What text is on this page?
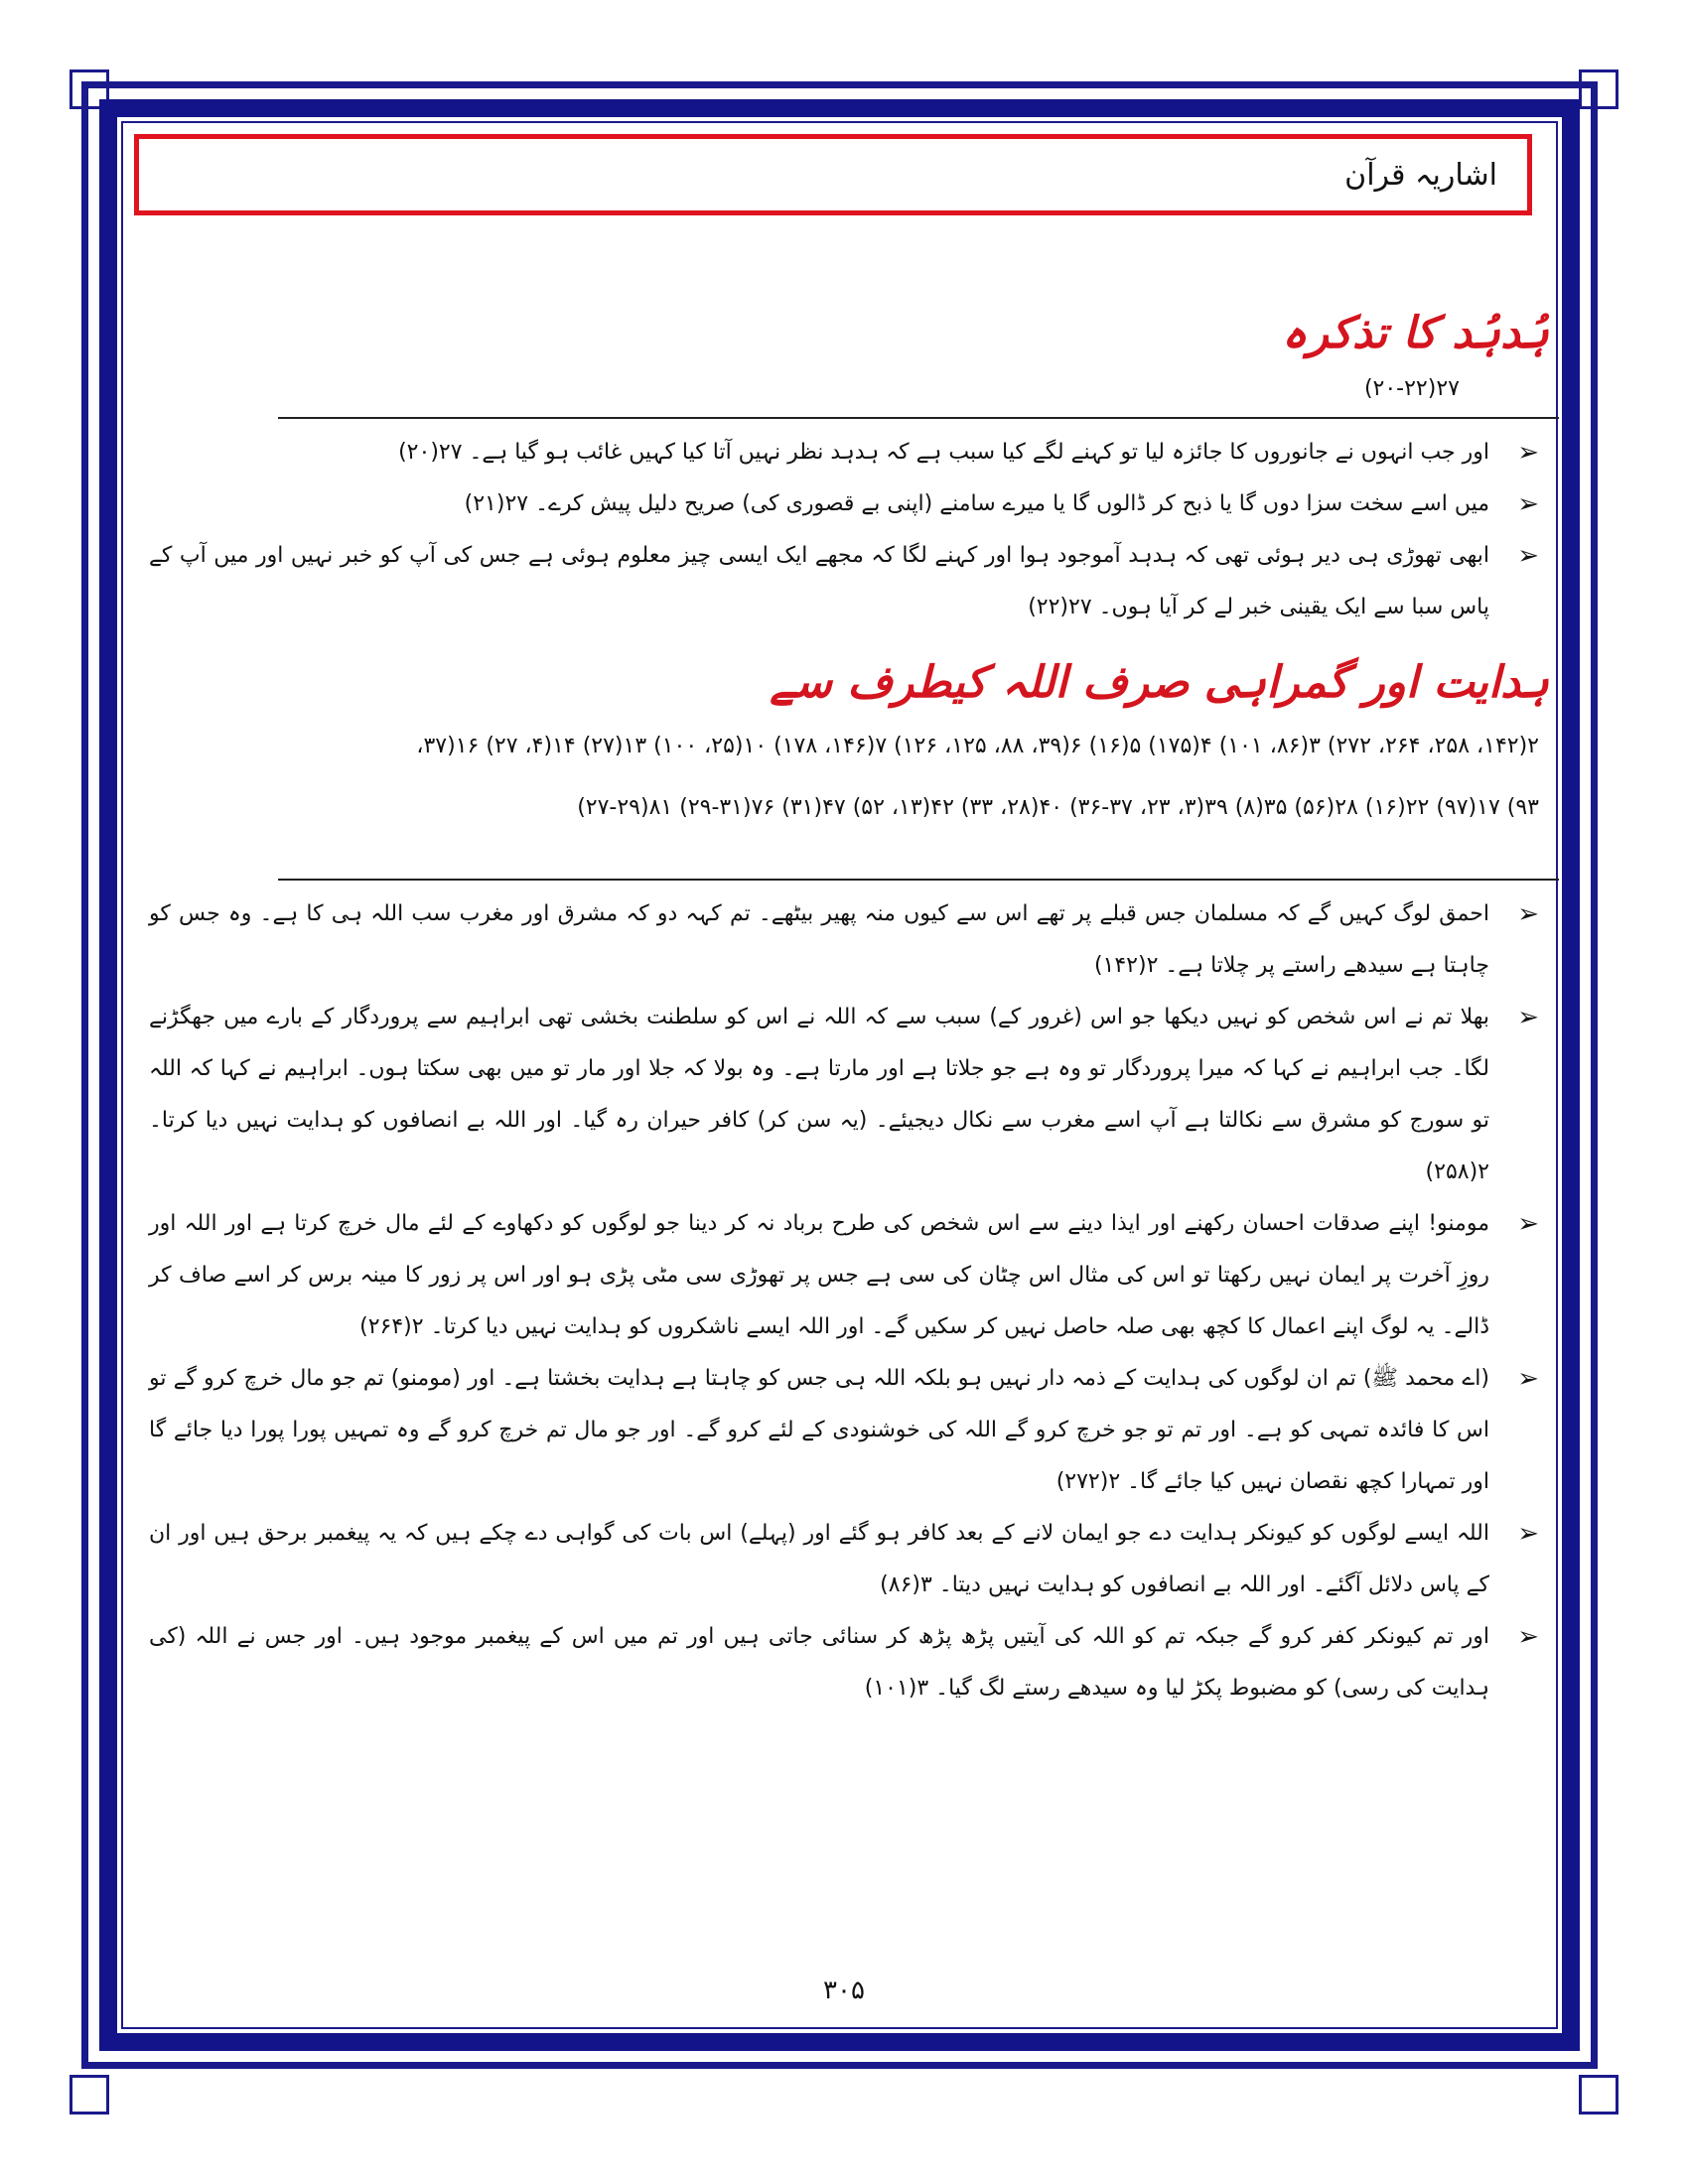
اشاریہ قرآن
ہُدہُد کا تذکرہ
۲۷(۲۰-۲۲)
➢
اور جب انہوں نے جانوروں کا جائزہ لیا تو کہنے لگے کیا سبب ہے کہ ہدہد نظر نہیں آتا کیا کہیں غائب ہو گیا ہے۔ ۲۷(۲۰)
➢
میں اسے سخت سزا دوں گا یا ذبح کر ڈالوں گا یا میرے سامنے (اپنی بے قصوری کی) صریح دلیل پیش کرے۔ ۲۷(۲۱)
➢
ابھی تھوڑی ہی دیر ہوئی تھی کہ ہدہد آموجود ہوا اور کہنے لگا کہ مجھے ایک ایسی چیز معلوم ہوئی ہے جس کی آپ کو خبر نہیں اور میں آپ کے پاس سبا سے ایک یقینی خبر لے کر آیا ہوں۔ ۲۷(۲۲)
ہدایت اور گمراہی صرف اللہ کیطرف سے
۲(۱۴۲، ۲۵۸، ۲۶۴، ۲۷۲) ۳(۸۶، ۱۰۱) ۴(۱۷۵) ۵(۱۶) ۶(۳۹، ۸۸، ۱۲۵، ۱۲۶) ۷(۱۴۶، ۱۷۸) ۱۰(۲۵، ۱۰۰) ۱۳(۲۷) ۱۴(۴، ۲۷) ۱۶(۳۷،
۹۳) ۱۷(۹۷) ۲۲(۱۶) ۲۸(۵۶) ۳۵(۸) ۳۹(۳، ۲۳، ۳۶-۳۷) ۴۰(۲۸، ۳۳) ۴۲(۱۳، ۵۲) ۴۷(۳۱) ۷۶(۲۹-۳۱) ۸۱(۲۷-۲۹)
➢
احمق لوگ کہیں گے کہ مسلمان جس قبلے پر تھے اس سے کیوں منہ پھیر بیٹھے۔ تم کہہ دو کہ مشرق اور مغرب سب اللہ ہی کا ہے۔ وہ جس کو چاہتا ہے سیدھے راستے پر چلاتا ہے۔ ۲(۱۴۲)
➢
بھلا تم نے اس شخص کو نہیں دیکھا جو اس (غرور کے) سبب سے کہ اللہ نے اس کو سلطنت بخشی تھی ابراہیم سے پروردگار کے بارے میں جھگڑنے لگا۔ جب ابراہیم نے کہا کہ میرا پروردگار تو وہ ہے جو جلاتا ہے اور مارتا ہے۔ وہ بولا کہ جلا اور مار تو میں بھی سکتا ہوں۔ ابراہیم نے کہا کہ اللہ تو سورج کو مشرق سے نکالتا ہے آپ اسے مغرب سے نکال دیجیئے۔ (یہ سن کر) کافر حیران رہ گیا۔ اور اللہ بے انصافوں کو ہدایت نہیں دیا کرتا۔ ۲(۲۵۸)
➢
مومنو! اپنے صدقات احسان رکھنے اور ایذا دینے سے اس شخص کی طرح برباد نہ کر دینا جو لوگوں کو دکھاوے کے لئے مال خرچ کرتا ہے اور اللہ اور روزِ آخرت پر ایمان نہیں رکھتا تو اس کی مثال اس چٹان کی سی ہے جس پر تھوڑی سی مٹی پڑی ہو اور اس پر زور کا مینہ برس کر اسے صاف کر ڈالے۔ یہ لوگ اپنے اعمال کا کچھ بھی صلہ حاصل نہیں کر سکیں گے۔ اور اللہ ایسے ناشکروں کو ہدایت نہیں دیا کرتا۔ ۲(۲۶۴)
➢
(اے محمد ﷺ) تم ان لوگوں کی ہدایت کے ذمہ دار نہیں ہو بلکہ اللہ ہی جس کو چاہتا ہے ہدایت بخشتا ہے۔ اور (مومنو) تم جو مال خرچ کرو گے تو اس کا فائدہ تمہی کو ہے۔ اور تم تو جو خرچ کرو گے اللہ کی خوشنودی کے لئے کرو گے۔ اور جو مال تم خرچ کرو گے وہ تمہیں پورا پورا دیا جائے گا اور تمہارا کچھ نقصان نہیں کیا جائے گا۔ ۲(۲۷۲)
➢
اللہ ایسے لوگوں کو کیونکر ہدایت دے جو ایمان لانے کے بعد کافر ہو گئے اور (پہلے) اس بات کی گواہی دے چکے ہیں کہ یہ پیغمبر برحق ہیں اور ان کے پاس دلائل آگئے۔ اور اللہ بے انصافوں کو ہدایت نہیں دیتا۔ ۳(۸۶)
➢
اور تم کیونکر کفر کرو گے جبکہ تم کو اللہ کی آیتیں پڑھ پڑھ کر سنائی جاتی ہیں اور تم میں اس کے پیغمبر موجود ہیں۔ اور جس نے اللہ (کی ہدایت کی رسی) کو مضبوط پکڑ لیا وہ سیدھے رستے لگ گیا۔ ۳(۱۰۱)
۳۰۵
